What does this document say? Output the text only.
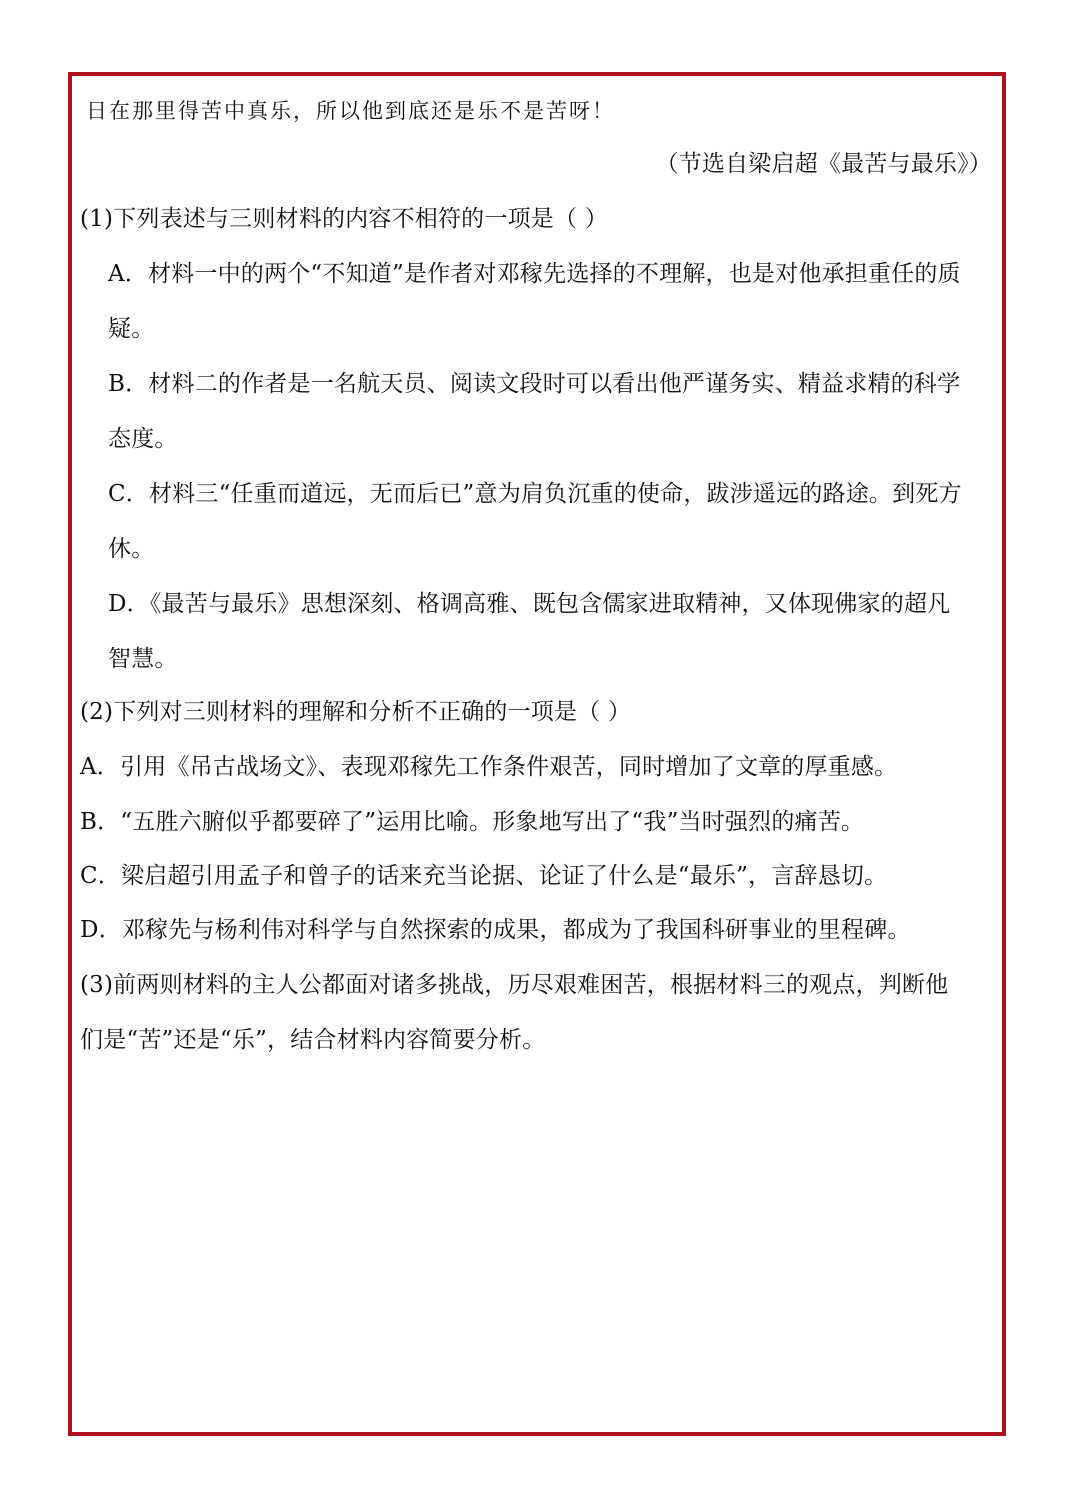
日在那里得苦中真乐，所以他到底还是乐不是苦呀！
（节选自梁启超《最苦与最乐》）
(1)下列表述与三则材料的内容不相符的一项是（ ）
A．材料一中的两个“不知道”是作者对邓稼先选择的不理解，也是对他承担重任的质
疑。
B．材料二的作者是一名航天员、阅读文段时可以看出他严谨务实、精益求精的科学
态度。
C．材料三“任重而道远，无而后已”意为肩负沉重的使命，跋涉遥远的路途。到死方
休。
D．《最苦与最乐》思想深刻、格调高雅、既包含儒家进取精神，又体现佛家的超凡
智慧。
(2)下列对三则材料的理解和分析不正确的一项是（ ）
A．引用《吊古战场文》、表现邓稼先工作条件艰苦，同时增加了文章的厚重感。
B．“五胜六腑似乎都要碎了”运用比喻。形象地写出了“我”当时强烈的痛苦。
C．梁启超引用孟子和曾子的话来充当论据、论证了什么是“最乐”，言辞恳切。
D．邓稼先与杨利伟对科学与自然探索的成果，都成为了我国科研事业的里程碑。
(3)前两则材料的主人公都面对诸多挑战，历尽艰难困苦，根据材料三的观点，判断他
们是“苦”还是“乐”，结合材料内容简要分析。
